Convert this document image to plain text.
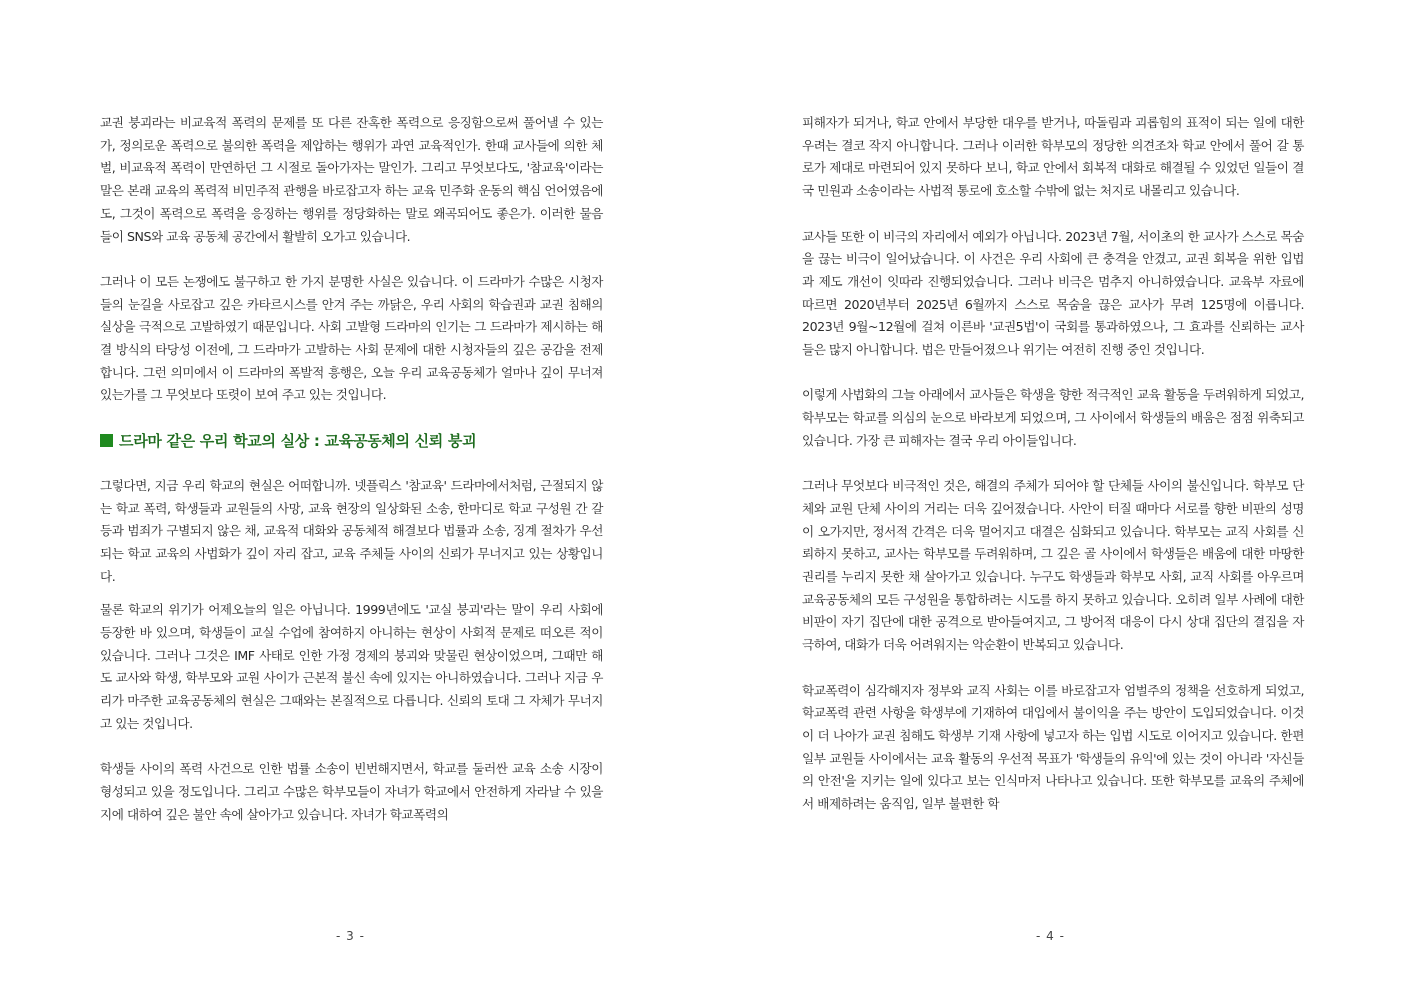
교권 붕괴라는 비교육적 폭력의 문제를 또 다른 잔혹한 폭력으로 응징함으로써 풀어낼 수 있는가, 정의로운 폭력으로 불의한 폭력을 제압하는 행위가 과연 교육적인가. 한때 교사들에 의한 체벌, 비교육적 폭력이 만연하던 그 시절로 돌아가자는 말인가. 그리고 무엇보다도, '참교육'이라는 말은 본래 교육의 폭력적 비민주적 관행을 바로잡고자 하는 교육 민주화 운동의 핵심 언어였음에도, 그것이 폭력으로 폭력을 응징하는 행위를 정당화하는 말로 왜곡되어도 좋은가. 이러한 물음들이 SNS와 교육 공동체 공간에서 활발히 오가고 있습니다.

그러나 이 모든 논쟁에도 불구하고 한 가지 분명한 사실은 있습니다. 이 드라마가 수많은 시청자들의 눈길을 사로잡고 깊은 카타르시스를 안겨 주는 까닭은, 우리 사회의 학습권과 교권 침해의 실상을 극적으로 고발하였기 때문입니다. 사회 고발형 드라마의 인기는 그 드라마가 제시하는 해결 방식의 타당성 이전에, 그 드라마가 고발하는 사회 문제에 대한 시청자들의 깊은 공감을 전제합니다. 그런 의미에서 이 드라마의 폭발적 흥행은, 오늘 우리 교육공동체가 얼마나 깊이 무너져 있는가를 그 무엇보다 또렷이 보여 주고 있는 것입니다.

드라마 같은 우리 학교의 실상 : 교육공동체의 신뢰 붕괴

그렇다면, 지금 우리 학교의 현실은 어떠합니까. 넷플릭스 '참교육' 드라마에서처럼, 근절되지 않는 학교 폭력, 학생들과 교원들의 사망, 교육 현장의 일상화된 소송, 한마디로 학교 구성원 간 갈등과 범죄가 구별되지 않은 채, 교육적 대화와 공동체적 해결보다 법률과 소송, 징계 절차가 우선되는 학교 교육의 사법화가 깊이 자리 잡고, 교육 주체들 사이의 신뢰가 무너지고 있는 상황입니다.

물론 학교의 위기가 어제오늘의 일은 아닙니다. 1999년에도 '교실 붕괴'라는 말이 우리 사회에 등장한 바 있으며, 학생들이 교실 수업에 참여하지 아니하는 현상이 사회적 문제로 떠오른 적이 있습니다. 그러나 그것은 IMF 사태로 인한 가정 경제의 붕괴와 맞물린 현상이었으며, 그때만 해도 교사와 학생, 학부모와 교원 사이가 근본적 불신 속에 있지는 아니하였습니다. 그러나 지금 우리가 마주한 교육공동체의 현실은 그때와는 본질적으로 다릅니다. 신뢰의 토대 그 자체가 무너지고 있는 것입니다.

학생들 사이의 폭력 사건으로 인한 법률 소송이 빈번해지면서, 학교를 둘러싼 교육 소송 시장이 형성되고 있을 정도입니다. 그리고 수많은 학부모들이 자녀가 학교에서 안전하게 자라날 수 있을지에 대하여 깊은 불안 속에 살아가고 있습니다. 자녀가 학교폭력의

- 3 -

피해자가 되거나, 학교 안에서 부당한 대우를 받거나, 따돌림과 괴롭힘의 표적이 되는 일에 대한 우려는 결코 작지 아니합니다. 그러나 이러한 학부모의 정당한 의견조차 학교 안에서 풀어 갈 통로가 제대로 마련되어 있지 못하다 보니, 학교 안에서 회복적 대화로 해결될 수 있었던 일들이 결국 민원과 소송이라는 사법적 통로에 호소할 수밖에 없는 처지로 내몰리고 있습니다.

교사들 또한 이 비극의 자리에서 예외가 아닙니다. 2023년 7월, 서이초의 한 교사가 스스로 목숨을 끊는 비극이 일어났습니다. 이 사건은 우리 사회에 큰 충격을 안겼고, 교권 회복을 위한 입법과 제도 개선이 잇따라 진행되었습니다. 그러나 비극은 멈추지 아니하였습니다. 교육부 자료에 따르면 2020년부터 2025년 6월까지 스스로 목숨을 끊은 교사가 무려 125명에 이릅니다. 2023년 9월~12월에 걸쳐 이른바 '교권5법'이 국회를 통과하였으나, 그 효과를 신뢰하는 교사들은 많지 아니합니다. 법은 만들어졌으나 위기는 여전히 진행 중인 것입니다.

이렇게 사법화의 그늘 아래에서 교사들은 학생을 향한 적극적인 교육 활동을 두려워하게 되었고, 학부모는 학교를 의심의 눈으로 바라보게 되었으며, 그 사이에서 학생들의 배움은 점점 위축되고 있습니다. 가장 큰 피해자는 결국 우리 아이들입니다.

그러나 무엇보다 비극적인 것은, 해결의 주체가 되어야 할 단체들 사이의 불신입니다. 학부모 단체와 교원 단체 사이의 거리는 더욱 깊어졌습니다. 사안이 터질 때마다 서로를 향한 비판의 성명이 오가지만, 정서적 간격은 더욱 멀어지고 대결은 심화되고 있습니다. 학부모는 교직 사회를 신뢰하지 못하고, 교사는 학부모를 두려워하며, 그 깊은 골 사이에서 학생들은 배움에 대한 마땅한 권리를 누리지 못한 채 살아가고 있습니다. 누구도 학생들과 학부모 사회, 교직 사회를 아우르며 교육공동체의 모든 구성원을 통합하려는 시도를 하지 못하고 있습니다. 오히려 일부 사례에 대한 비판이 자기 집단에 대한 공격으로 받아들여지고, 그 방어적 대응이 다시 상대 집단의 결집을 자극하여, 대화가 더욱 어려워지는 악순환이 반복되고 있습니다.

학교폭력이 심각해지자 정부와 교직 사회는 이를 바로잡고자 엄벌주의 정책을 선호하게 되었고, 학교폭력 관련 사항을 학생부에 기재하여 대입에서 불이익을 주는 방안이 도입되었습니다. 이것이 더 나아가 교권 침해도 학생부 기재 사항에 넣고자 하는 입법 시도로 이어지고 있습니다. 한편 일부 교원들 사이에서는 교육 활동의 우선적 목표가 '학생들의 유익'에 있는 것이 아니라 '자신들의 안전'을 지키는 일에 있다고 보는 인식마저 나타나고 있습니다. 또한 학부모를 교육의 주체에서 배제하려는 움직임, 일부 불편한 학

- 4 -
